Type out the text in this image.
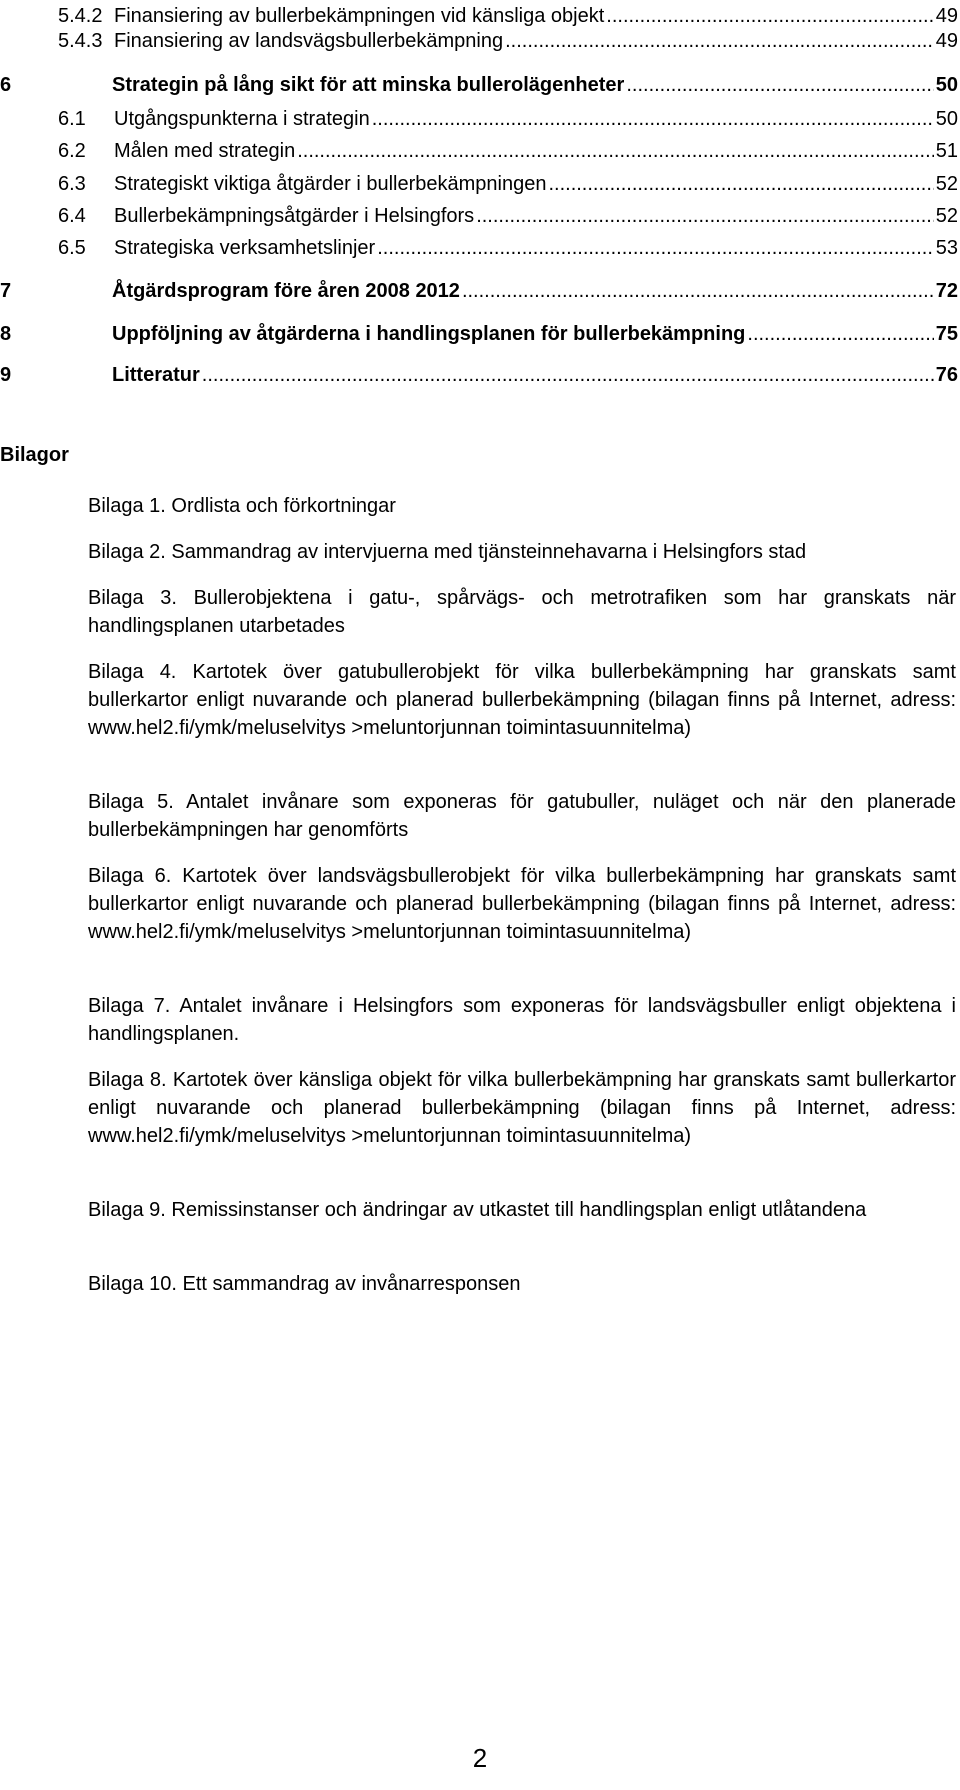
5.4.2 Finansiering av bullerbekämpningen vid känsliga objekt .....	49
5.4.3 Finansiering av landsvägsbullerbekämpning .....	49
6	Strategin på lång sikt för att minska bullerolägenheter .....	50
6.1 Utgångspunkterna i strategin .....	50
6.2 Målen med strategin .....	51
6.3 Strategiskt viktiga åtgärder i bullerbekämpningen .....	52
6.4 Bullerbekämpningsåtgärder i Helsingfors .....	52
6.5 Strategiska verksamhetslinjer .....	53
7	Åtgärdsprogram före åren 2008 2012 .....	72
8	Uppföljning av åtgärderna i handlingsplanen för bullerbekämpning .....	75
9	Litteratur .....	76
Bilagor

Bilaga 1. Ordlista och förkortningar

Bilaga 2. Sammandrag av intervjuerna med tjänsteinnehavarna i Helsingfors stad

Bilaga 3. Bullerobjektena i gatu-, spårvägs- och metrotrafiken som har granskats när handlingsplanen utarbetades

Bilaga 4. Kartotek över gatubullerobjekt för vilka bullerbekämpning har granskats samt bullerkartor enligt nuvarande och planerad bullerbekämpning (bilagan finns på Internet, adress: www.hel2.fi/ymk/meluselvitys >meluntorjunnan toimintasuunnitelma)

Bilaga 5. Antalet invånare som exponeras för gatubuller, nuläget och när den planerade bullerbekämpningen har genomförts

Bilaga 6. Kartotek över landsvägsbullerobjekt för vilka bullerbekämpning har granskats samt bullerkartor enligt nuvarande och planerad bullerbekämpning (bilagan finns på Internet, adress: www.hel2.fi/ymk/meluselvitys >meluntorjunnan toimintasuunnitelma)

Bilaga 7. Antalet invånare i Helsingfors som exponeras för landsvägsbuller enligt objektena i handlingsplanen.

Bilaga 8. Kartotek över känsliga objekt för vilka bullerbekämpning har granskats samt bullerkartor enligt nuvarande och planerad bullerbekämpning (bilagan finns på Internet, adress: www.hel2.fi/ymk/meluselvitys >meluntorjunnan toimintasuunnitelma)

Bilaga 9. Remissinstanser och ändringar av utkastet till handlingsplan enligt utlåtandena

Bilaga 10. Ett sammandrag av invånarresponsen

2
